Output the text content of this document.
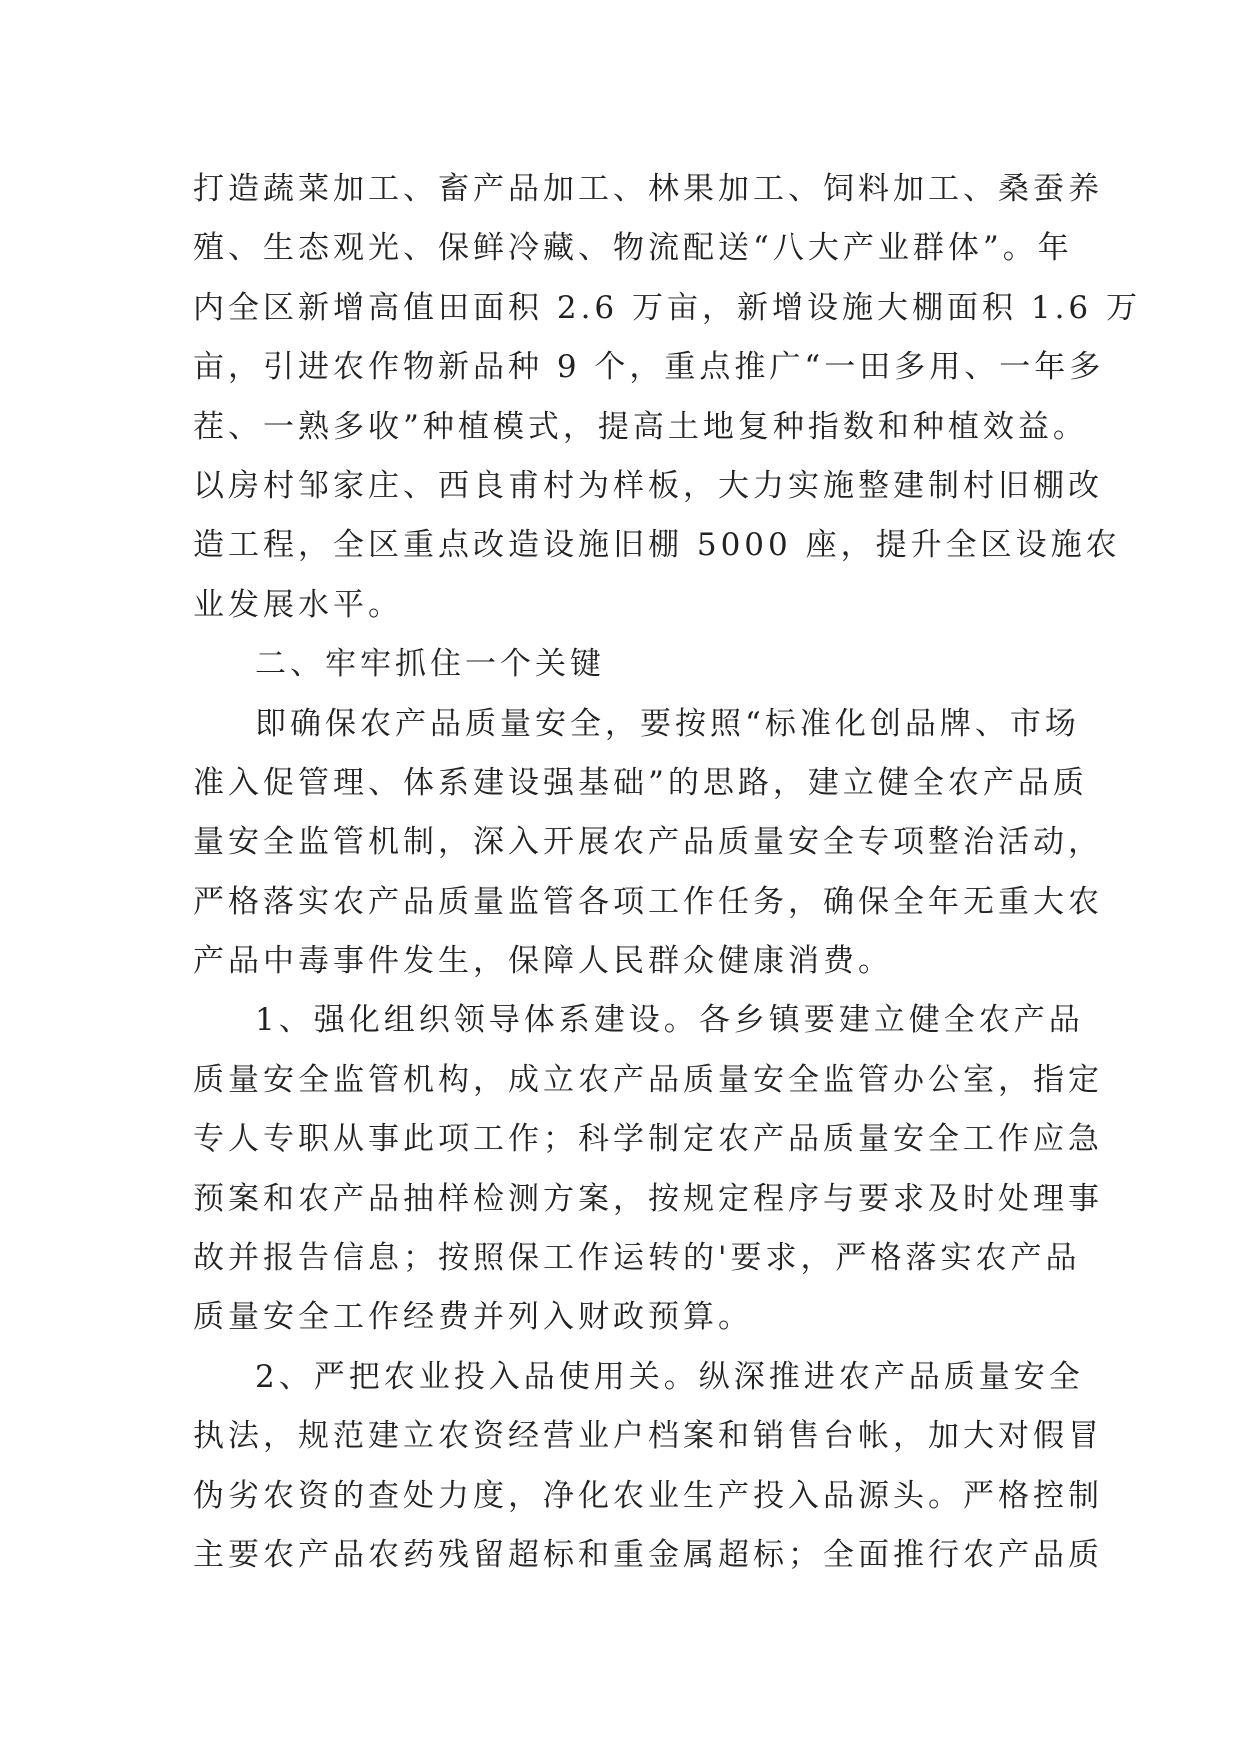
打造蔬菜加工、畜产品加工、林果加工、饲料加工、桑蚕养
殖、生态观光、保鲜冷藏、物流配送“八大产业群体”。年
内全区新增高值田面积 2.6 万亩，新增设施大棚面积 1.6 万
亩，引进农作物新品种 9 个，重点推广“一田多用、一年多
茬、一熟多收”种植模式，提高土地复种指数和种植效益。
以房村邹家庄、西良甫村为样板，大力实施整建制村旧棚改
造工程，全区重点改造设施旧棚 5000 座，提升全区设施农
业发展水平。
二、牢牢抓住一个关键
即确保农产品质量安全，要按照“标准化创品牌、市场
准入促管理、体系建设强基础”的思路，建立健全农产品质
量安全监管机制，深入开展农产品质量安全专项整治活动，
严格落实农产品质量监管各项工作任务，确保全年无重大农
产品中毒事件发生，保障人民群众健康消费。
1、强化组织领导体系建设。各乡镇要建立健全农产品
质量安全监管机构，成立农产品质量安全监管办公室，指定
专人专职从事此项工作；科学制定农产品质量安全工作应急
预案和农产品抽样检测方案，按规定程序与要求及时处理事
故并报告信息；按照保工作运转的'要求，严格落实农产品
质量安全工作经费并列入财政预算。
2、严把农业投入品使用关。纵深推进农产品质量安全
执法，规范建立农资经营业户档案和销售台帐，加大对假冒
伪劣农资的查处力度，净化农业生产投入品源头。严格控制
主要农产品农药残留超标和重金属超标；全面推行农产品质
